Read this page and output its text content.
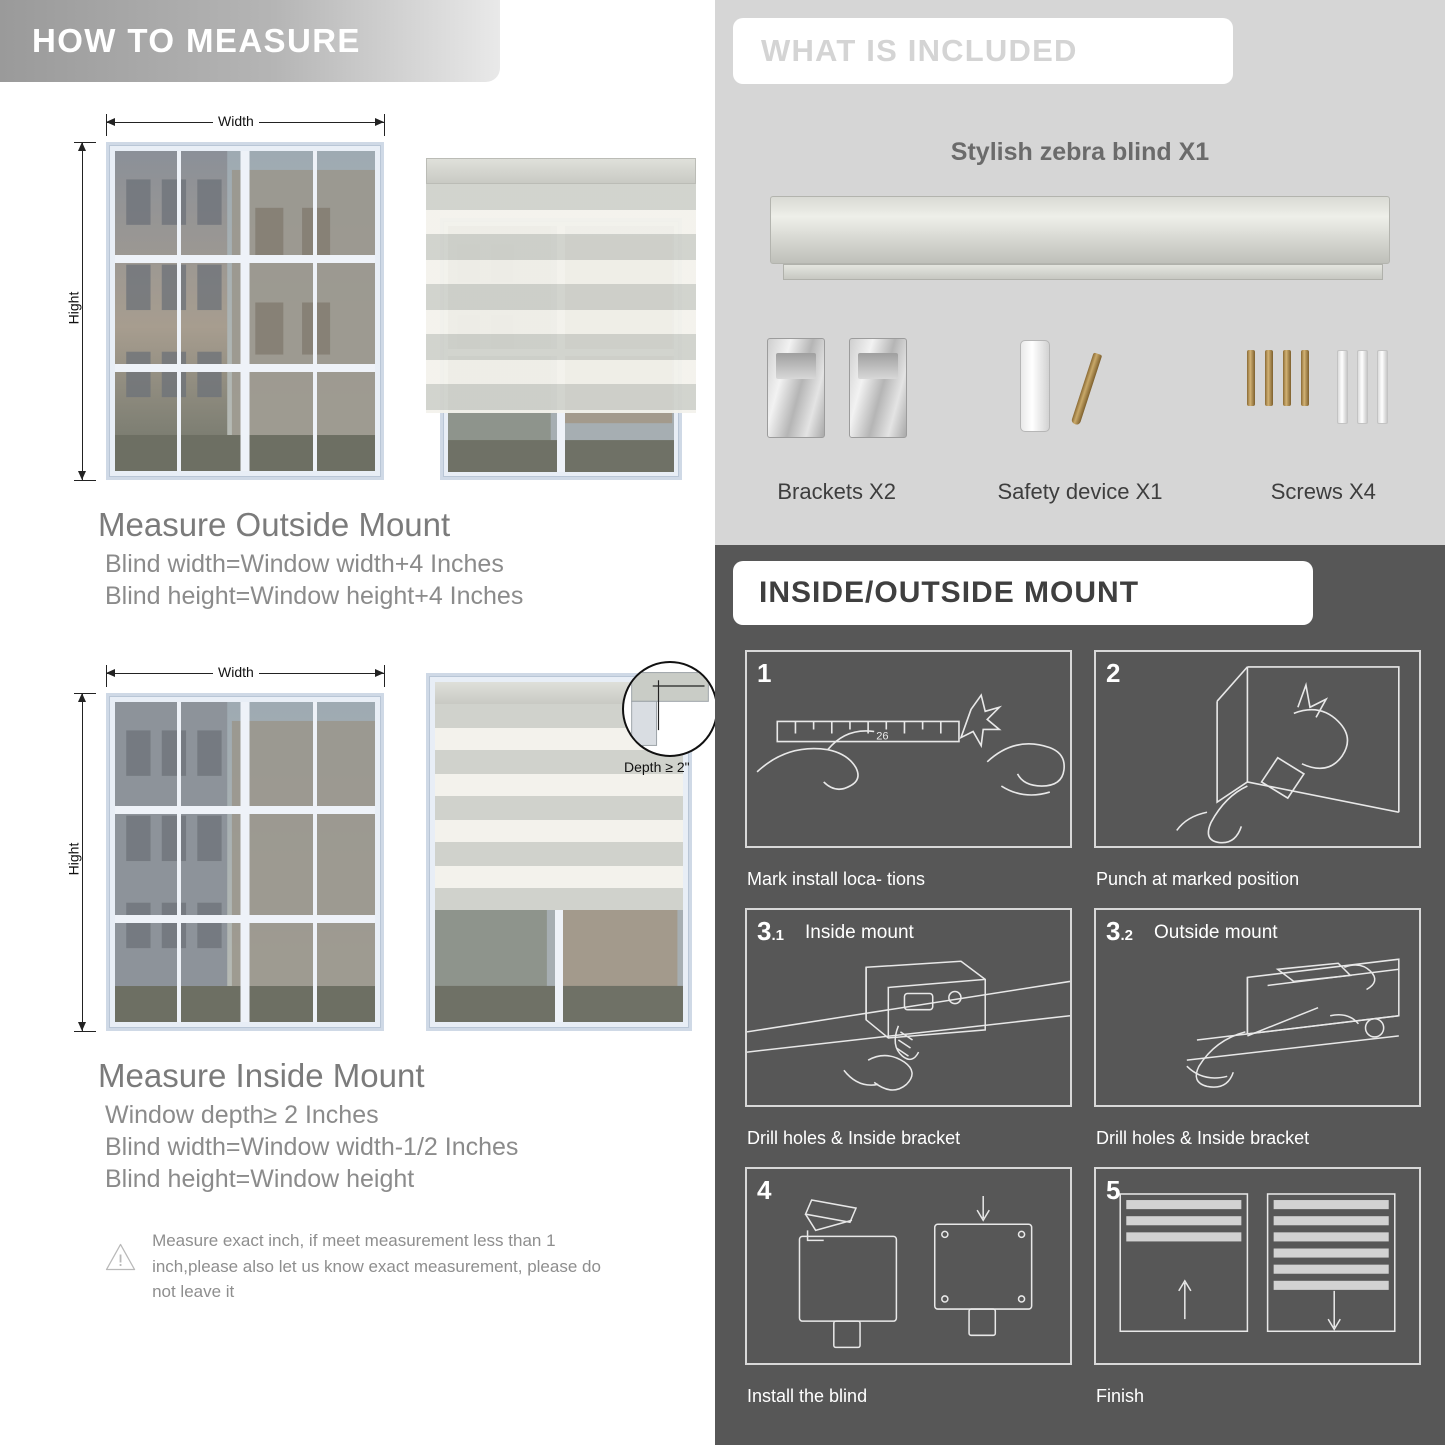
HOW TO MEASURE
Width
Hight
Measure Outside Mount
Blind width=Window width+4 Inches
Blind height=Window height+4 Inches
Width
Hight
Depth ≥ 2"
Measure Inside Mount
Window depth≥ 2 Inches
Blind width=Window width-1/2 Inches
Blind height=Window height
Measure exact inch, if meet measurement less than 1 inch,please also let us know exact measurement, please do not leave it
WHAT IS INCLUDED
Stylish zebra blind X1
Brackets X2	Safety device X1	Screws X4
INSIDE/OUTSIDE MOUNT
26
1
Mark install loca- tions
2
Punch at marked position
3.1 Inside mount
Drill holes & Inside bracket
3.2 Outside mount
Drill holes & Inside bracket
4
Install the blind
5
Finish
